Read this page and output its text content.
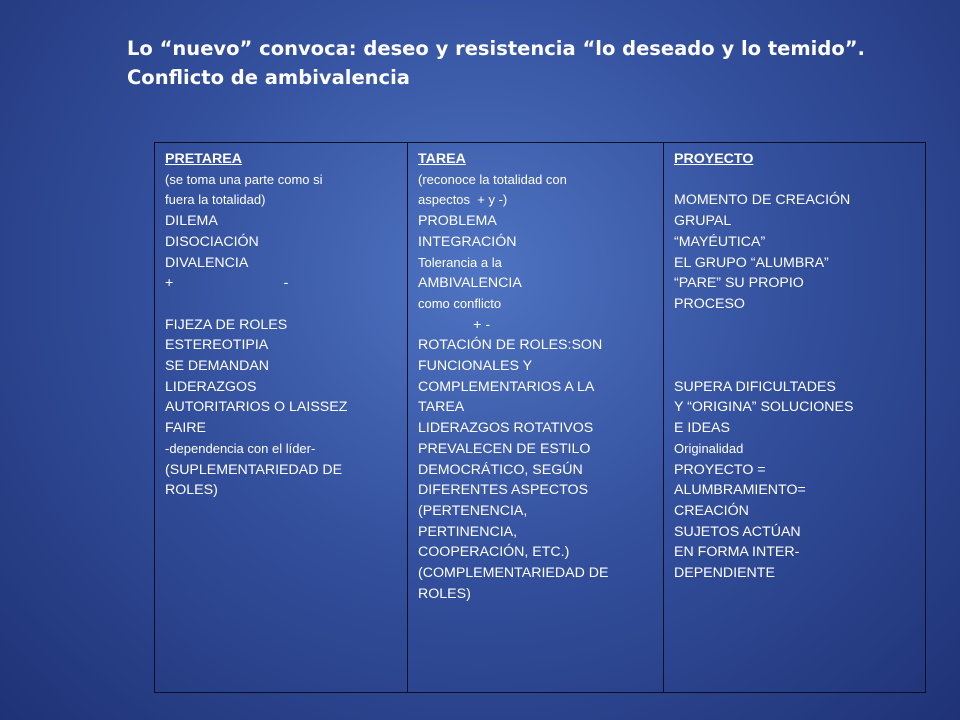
Lo “nuevo” convoca: deseo y resistencia “lo deseado y lo temido”.
Conflicto de ambivalencia
PRETAREA
(se toma una parte como si
fuera la totalidad)
DILEMA
DISOCIACIÓN
DIVALENCIA
+                            -

FIJEZA DE ROLES
ESTEREOTIPIA
SE DEMANDAN
LIDERAZGOS
AUTORITARIOS O LAISSEZ
FAIRE
-dependencia con el líder-
(SUPLEMENTARIEDAD DE
ROLES)

TAREA
(reconoce la totalidad con
aspectos  + y -)
PROBLEMA
INTEGRACIÓN
Tolerancia a la
AMBIVALENCIA
como conflicto
+ -
ROTACIÓN DE ROLES:SON
FUNCIONALES Y
COMPLEMENTARIOS A LA
TAREA
LIDERAZGOS ROTATIVOS
PREVALECEN DE ESTILO
DEMOCRÁTICO, SEGÚN
DIFERENTES ASPECTOS
(PERTENENCIA,
PERTINENCIA,
COOPERACIÓN, ETC.)
(COMPLEMENTARIEDAD DE
ROLES)

PROYECTO

MOMENTO DE CREACIÓN
GRUPAL
“MAYÉUTICA”
EL GRUPO “ALUMBRA”
“PARE” SU PROPIO
PROCESO

SUPERA DIFICULTADES
Y “ORIGINA” SOLUCIONES
E IDEAS
Originalidad
PROYECTO =
ALUMBRAMIENTO=
CREACIÓN
SUJETOS ACTÚAN
EN FORMA INTER-
DEPENDIENTE
